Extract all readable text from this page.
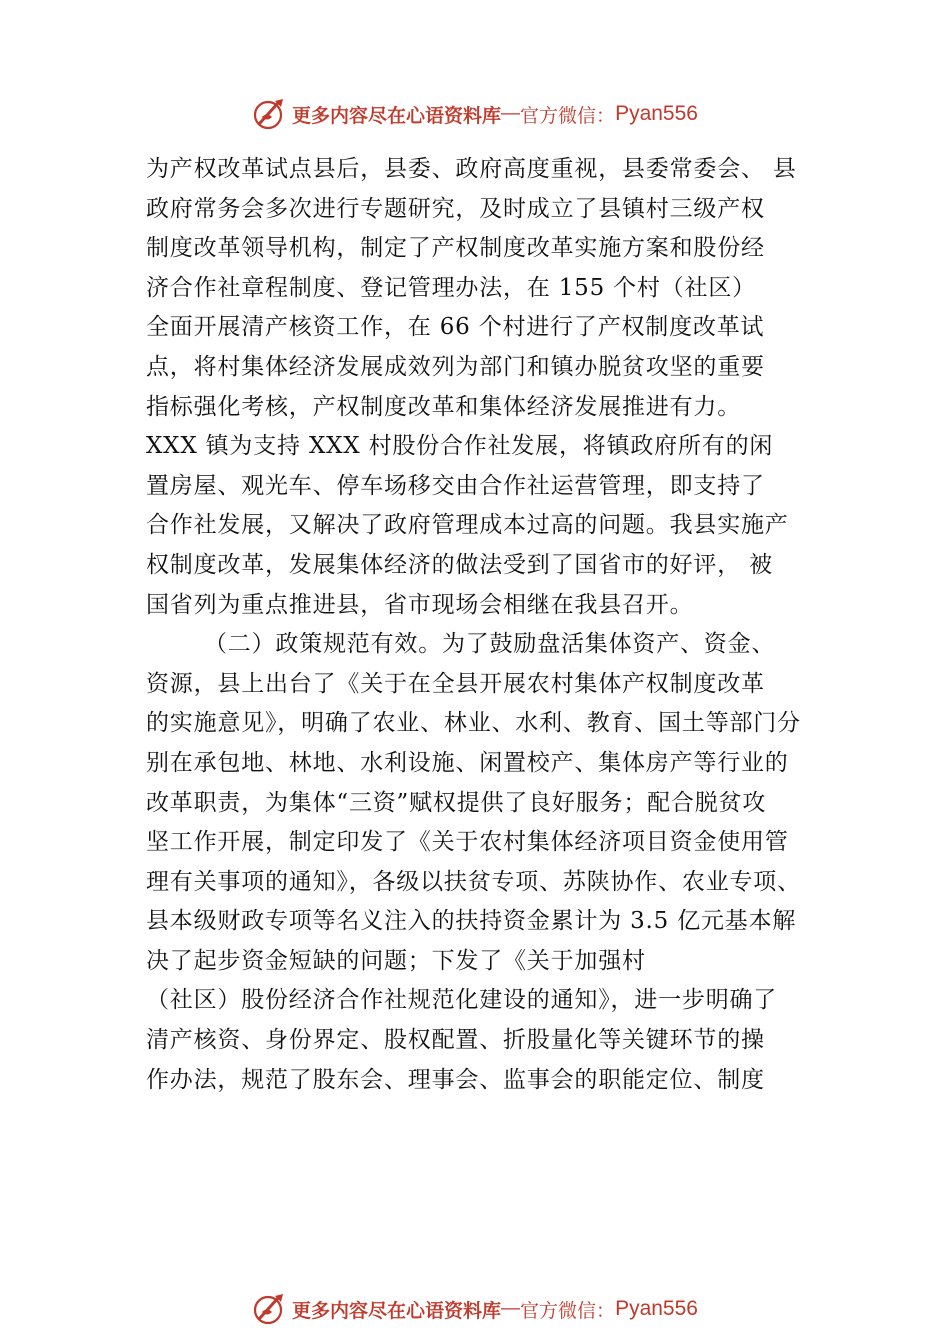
更多内容尽在心语资料库 — 官方微信： Pyan556
为产权改革试点县后，县委、政府高度重视，县委常委会、 县
政府常务会多次进行专题研究，及时成立了县镇村三级产权
制度改革领导机构，制定了产权制度改革实施方案和股份经
济合作社章程制度、登记管理办法，在 155 个村（社区）
全面开展清产核资工作，在 66 个村进行了产权制度改革试
点，将村集体经济发展成效列为部门和镇办脱贫攻坚的重要
指标强化考核，产权制度改革和集体经济发展推进有力。
XXX 镇为支持 XXX 村股份合作社发展，将镇政府所有的闲
置房屋、观光车、停车场移交由合作社运营管理，即支持了
合作社发展，又解决了政府管理成本过高的问题。我县实施产
权制度改革，发展集体经济的做法受到了国省市的好评， 被
国省列为重点推进县，省市现场会相继在我县召开。
（二）政策规范有效。为了鼓励盘活集体资产、资金、
资源，县上出台了《关于在全县开展农村集体产权制度改革
的实施意见》，明确了农业、林业、水利、教育、国土等部门分
别在承包地、林地、水利设施、闲置校产、集体房产等行业的
改革职责，为集体“三资”赋权提供了良好服务；配合脱贫攻
坚工作开展，制定印发了《关于农村集体经济项目资金使用管
理有关事项的通知》，各级以扶贫专项、苏陕协作、农业专项、
县本级财政专项等名义注入的扶持资金累计为 3.5 亿元基本解
决了起步资金短缺的问题；下发了《关于加强村
（社区）股份经济合作社规范化建设的通知》，进一步明确了
清产核资、身份界定、股权配置、折股量化等关键环节的操
作办法，规范了股东会、理事会、监事会的职能定位、制度
更多内容尽在心语资料库 — 官方微信： Pyan556
